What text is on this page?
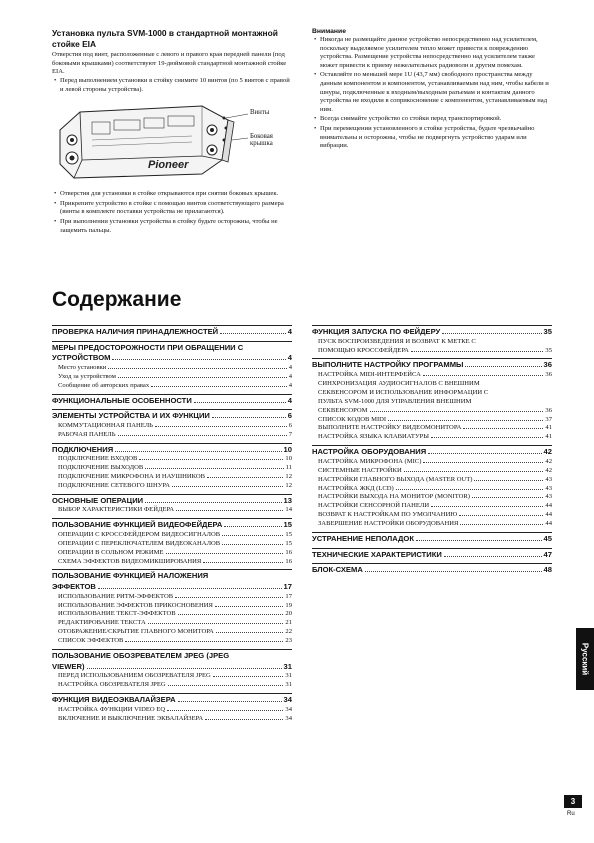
Установка пульта SVM-1000 в стандартной монтажной стойке EIA

Отверстия под винт, расположенные с левого и правого края передней панели (под боковыми крышками) соответствуют 19-дюймовой стандартной монтажной стойке EIA.

• Перед выполнением установки в стойку снимите 10 винтов (по 5 винтов с правой и левой стороны устройства).

Pioneer
Винты
Боковая крышка

• Отверстия для установки в стойке открываются при снятии боковых крышек.

• Прикрепите устройство в стойке с помощью винтов соответствующего размера (винты в комплекте поставки устройства не прилагаются).

• При выполнении установки устройства в стойку будьте осторожны, чтобы не защемить пальцы.

Внимание

• Никогда не размещайте данное устройство непосредственно над усилителем, поскольку выделяемое усилителем тепло может привести к повреждению устройства. Размещение устройства непосредственно над усилителем также может привести к приему нежелательных радиоволн и другим помехам.

• Оставляйте по меньшей мере 1U (43,7 мм) свободного пространства между данным компонентом и компонентом, устанавливаемым над ним, чтобы кабели и шнуры, подключенные к входным/выходным разъемам и контактам данного устройства не входили в соприкосновение с компонентом, устанавливаемым над ним.

• Всегда снимайте устройство со стойки перед транспортировкой.

• При перемещении установленного в стойке устройства, будьте чрезвычайно внимательны и осторожны, чтобы не подвергнуть устройство ударам или вибрации.

Содержание
ПРОВЕРКА НАЛИЧИЯ ПРИНАДЛЕЖНОСТЕЙ	4
МЕРЫ ПРЕДОСТОРОЖНОСТИ ПРИ ОБРАЩЕНИИ С
УСТРОЙСТВОМ	4
Место установки	4
Уход за устройством	4
Сообщение об авторских правах	4
ФУНКЦИОНАЛЬНЫЕ ОСОБЕННОСТИ	4
ЭЛЕМЕНТЫ УСТРОЙСТВА И ИХ ФУНКЦИИ	6
КОММУТАЦИОННАЯ ПАНЕЛЬ	6
РАБОЧАЯ ПАНЕЛЬ	7
ПОДКЛЮЧЕНИЯ	10
ПОДКЛЮЧЕНИЕ ВХОДОВ	10
ПОДКЛЮЧЕНИЕ ВЫХОДОВ	11
ПОДКЛЮЧЕНИЕ МИКРОФОНА И НАУШНИКОВ	12
ПОДКЛЮЧЕНИЕ СЕТЕВОГО ШНУРА	12
ОСНОВНЫЕ ОПЕРАЦИИ	13
ВЫБОР ХАРАКТЕРИСТИКИ ФЕЙДЕРА	14
ПОЛЬЗОВАНИЕ ФУНКЦИЕЙ ВИДЕОФЕЙДЕРА	15
ОПЕРАЦИИ С КРОССФЕЙДЕРОМ ВИДЕОСИГНАЛОВ	15
ОПЕРАЦИИ С ПЕРЕКЛЮЧАТЕЛЕМ ВИДЕОКАНАЛОВ	15
ОПЕРАЦИИ В СОЛЬНОМ РЕЖИМЕ	16
СХЕМА ЭФФЕКТОВ ВИДЕОМИКШИРОВАНИЯ	16
ПОЛЬЗОВАНИЕ ФУНКЦИЕЙ НАЛОЖЕНИЯ
ЭФФЕКТОВ	17
ИСПОЛЬЗОВАНИЕ РИТМ-ЭФФЕКТОВ	17
ИСПОЛЬЗОВАНИЕ ЭФФЕКТОВ ПРИКОСНОВЕНИЯ	19
ИСПОЛЬЗОВАНИЕ ТЕКСТ-ЭФФЕКТОВ	20
РЕДАКТИРОВАНИЕ ТЕКСТА	21
ОТОБРАЖЕНИЕ/СКРЫТИЕ ГЛАВНОГО МОНИТОРА	22
СПИСОК ЭФФЕКТОВ	23
ПОЛЬЗОВАНИЕ ОБОЗРЕВАТЕЛЕМ JPEG (JPEG
VIEWER)	31
ПЕРЕД ИСПОЛЬЗОВАНИЕМ ОБОЗРЕВАТЕЛЯ JPEG	31
НАСТРОЙКА ОБОЗРЕВАТЕЛЯ JPEG	31
ФУНКЦИЯ ВИДЕОЭКВАЛАЙЗЕРА	34
НАСТРОЙКА ФУНКЦИИ VIDEO EQ	34
ВКЛЮЧЕНИЕ И ВЫКЛЮЧЕНИЕ ЭКВАЛАЙЗЕРА	34
ФУНКЦИЯ ЗАПУСКА ПО ФЕЙДЕРУ	35
ПУСК ВОСПРОИЗВЕДЕНИЯ И ВОЗВРАТ К МЕТКЕ С
ПОМОЩЬЮ КРОССФЕЙДЕРА	35
ВЫПОЛНИТЕ НАСТРОЙКУ ПРОГРАММЫ	36
НАСТРОЙКА MIDI-ИНТЕРФЕЙСА	36
СИНХРОНИЗАЦИЯ АУДИОСИГНАЛОВ С ВНЕШНИМ
СЕКВЕНСОРОМ И ИСПОЛЬЗОВАНИЕ ИНФОРМАЦИИ С
ПУЛЬТА SVM-1000 ДЛЯ УПРАВЛЕНИЯ ВНЕШНИМ
СЕКВЕНСОРОМ	36
СПИСОК КОДОВ MIDI	37
ВЫПОЛНИТЕ НАСТРОЙКУ ВИДЕОМОНИТОРА	41
НАСТРОЙКА ЯЗЫКА КЛАВИАТУРЫ	41
НАСТРОЙКА ОБОРУДОВАНИЯ	42
НАСТРОЙКА МИКРОФОНА (MIC)	42
СИСТЕМНЫЕ НАСТРОЙКИ	42
НАСТРОЙКИ ГЛАВНОГО ВЫХОДА (MASTER OUT)	43
НАСТРОЙКА ЖКД (LCD)	43
НАСТРОЙКИ ВЫХОДА НА МОНИТОР (MONITOR)	43
НАСТРОЙКИ СЕНСОРНОЙ ПАНЕЛИ	44
ВОЗВРАТ К НАСТРОЙКАМ ПО УМОЛЧАНИЮ	44
ЗАВЕРШЕНИЕ НАСТРОЙКИ ОБОРУДОВАНИЯ	44
УСТРАНЕНИЕ НЕПОЛАДОК	45
ТЕХНИЧЕСКИЕ ХАРАКТЕРИСТИКИ	47
БЛОК-СХЕМА	48
Русский
3
Ru
